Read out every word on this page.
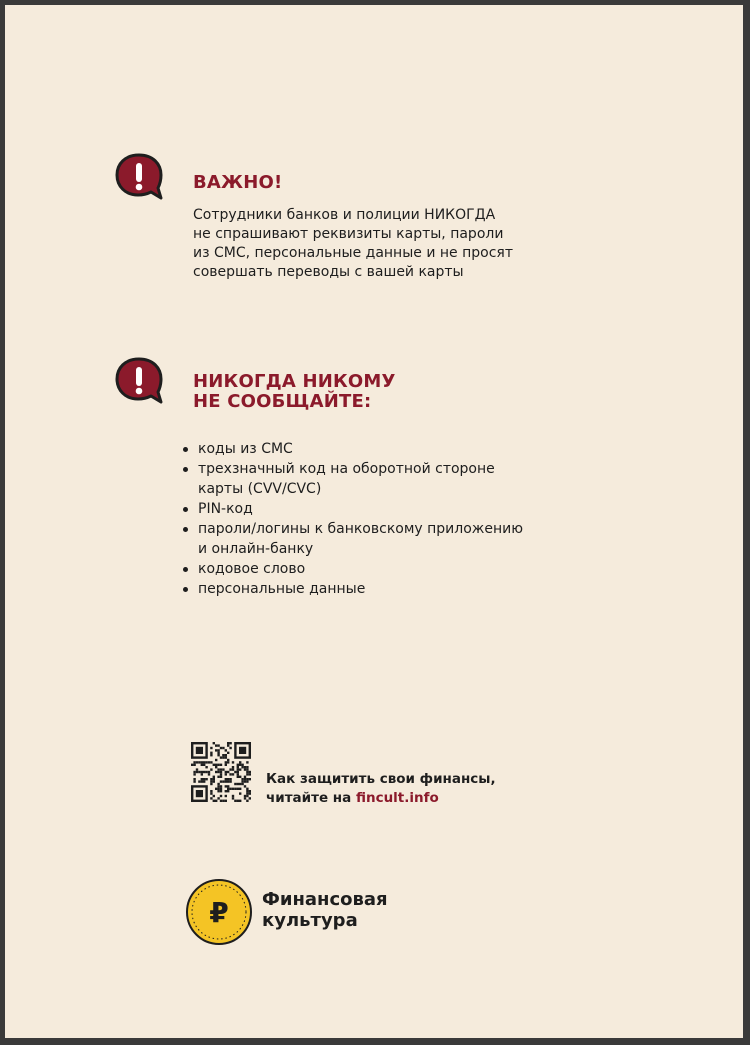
ВАЖНО!

Сотрудники банков и полиции НИКОГДА
не спрашивают реквизиты карты, пароли
из СМС, персональные данные и не просят
совершать переводы с вашей карты

НИКОГДА НИКОМУ
НЕ СООБЩАЙТЕ:
коды из СМС
трехзначный код на оборотной стороне
карты (CVV/CVC)
PIN-код
пароли/логины к банковскому приложению
и онлайн-банку
кодовое слово
персональные данные

Как защитить свои финансы,
читайте на fincult.info

₽ Финансовая
культура
